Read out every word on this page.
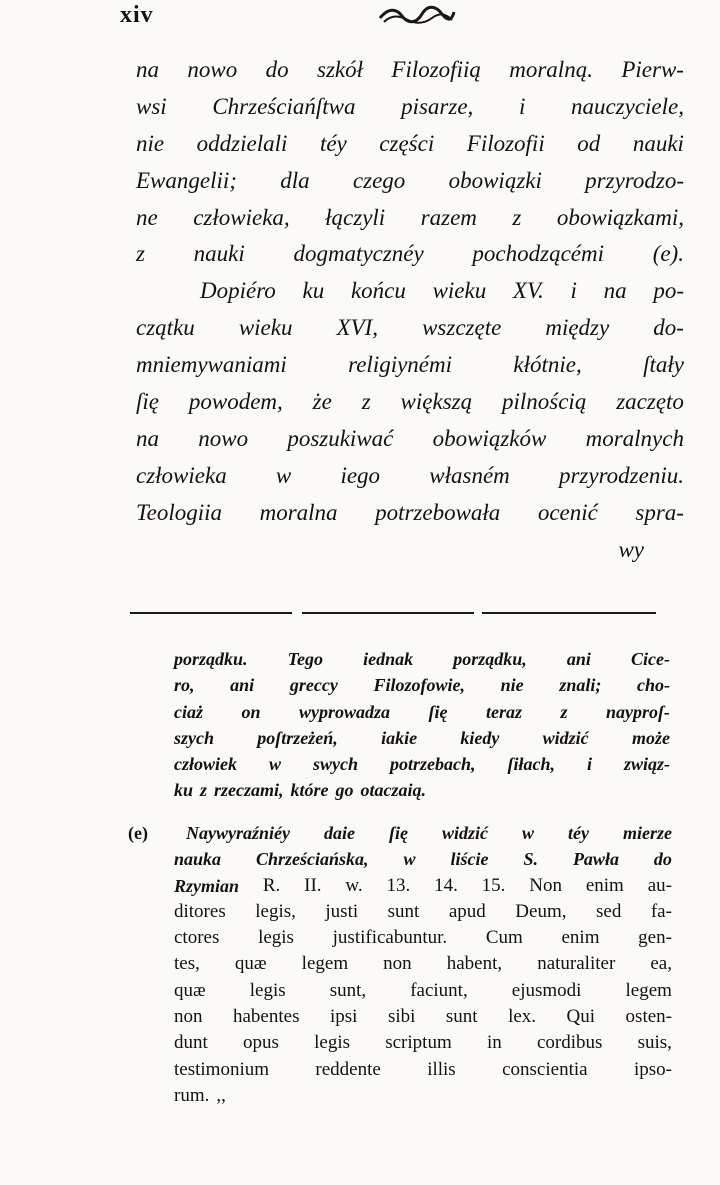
xiv
na nowo do szkół Filozofiią moralną. Pierw-
wsi Chrześciańſtwa pisarze, i nauczyciele,
nie oddzielali téy części Filozofii od nauki
Ewangelii; dla czego obowiązki przyrodzo-
ne człowieka, łączyli razem z obowiązkami,
z nauki dogmatycznéy pochodzącémi (e).
Dopiéro ku końcu wieku XV. i na po-
czątku wieku XVI, wszczęte między do-
mniemywaniami	religiynémi	kłótnie,	ſtały
ſię powodem, że z większą pilnością zaczęto
na nowo poszukiwać obowiązków moralnych
człowieka w iego własném przyrodzeniu.
Teologiia moralna potrzebowała ocenić spra-
wy
porządku. Tego iednak porządku, ani Cice-
ro, ani greccy Filozofowie, nie znali; cho-
ciaż on wyprowadza ſię teraz z nayproſ-
szych poſtrzeżeń, iakie kiedy widzić może
człowiek w swych potrzebach, ſiłach, i związ-
ku z rzeczami, które go otaczaią.
(e) Naywyraźniéy daie ſię widzić w téy mierze
nauka Chrześciańska, w liście S. Pawła do
Rzymian R. II. w. 13. 14. 15. Non enim au-
ditores legis, justi sunt apud Deum, sed fa-
ctores legis justificabuntur. Cum enim gen-
tes, quæ legem non habent, naturaliter ea,
quæ legis sunt, faciunt, ejusmodi legem
non habentes ipsi sibi sunt lex. Qui osten-
dunt opus legis scriptum in cordibus suis,
testimonium reddente illis conscientia ipso-
rum. ,,
